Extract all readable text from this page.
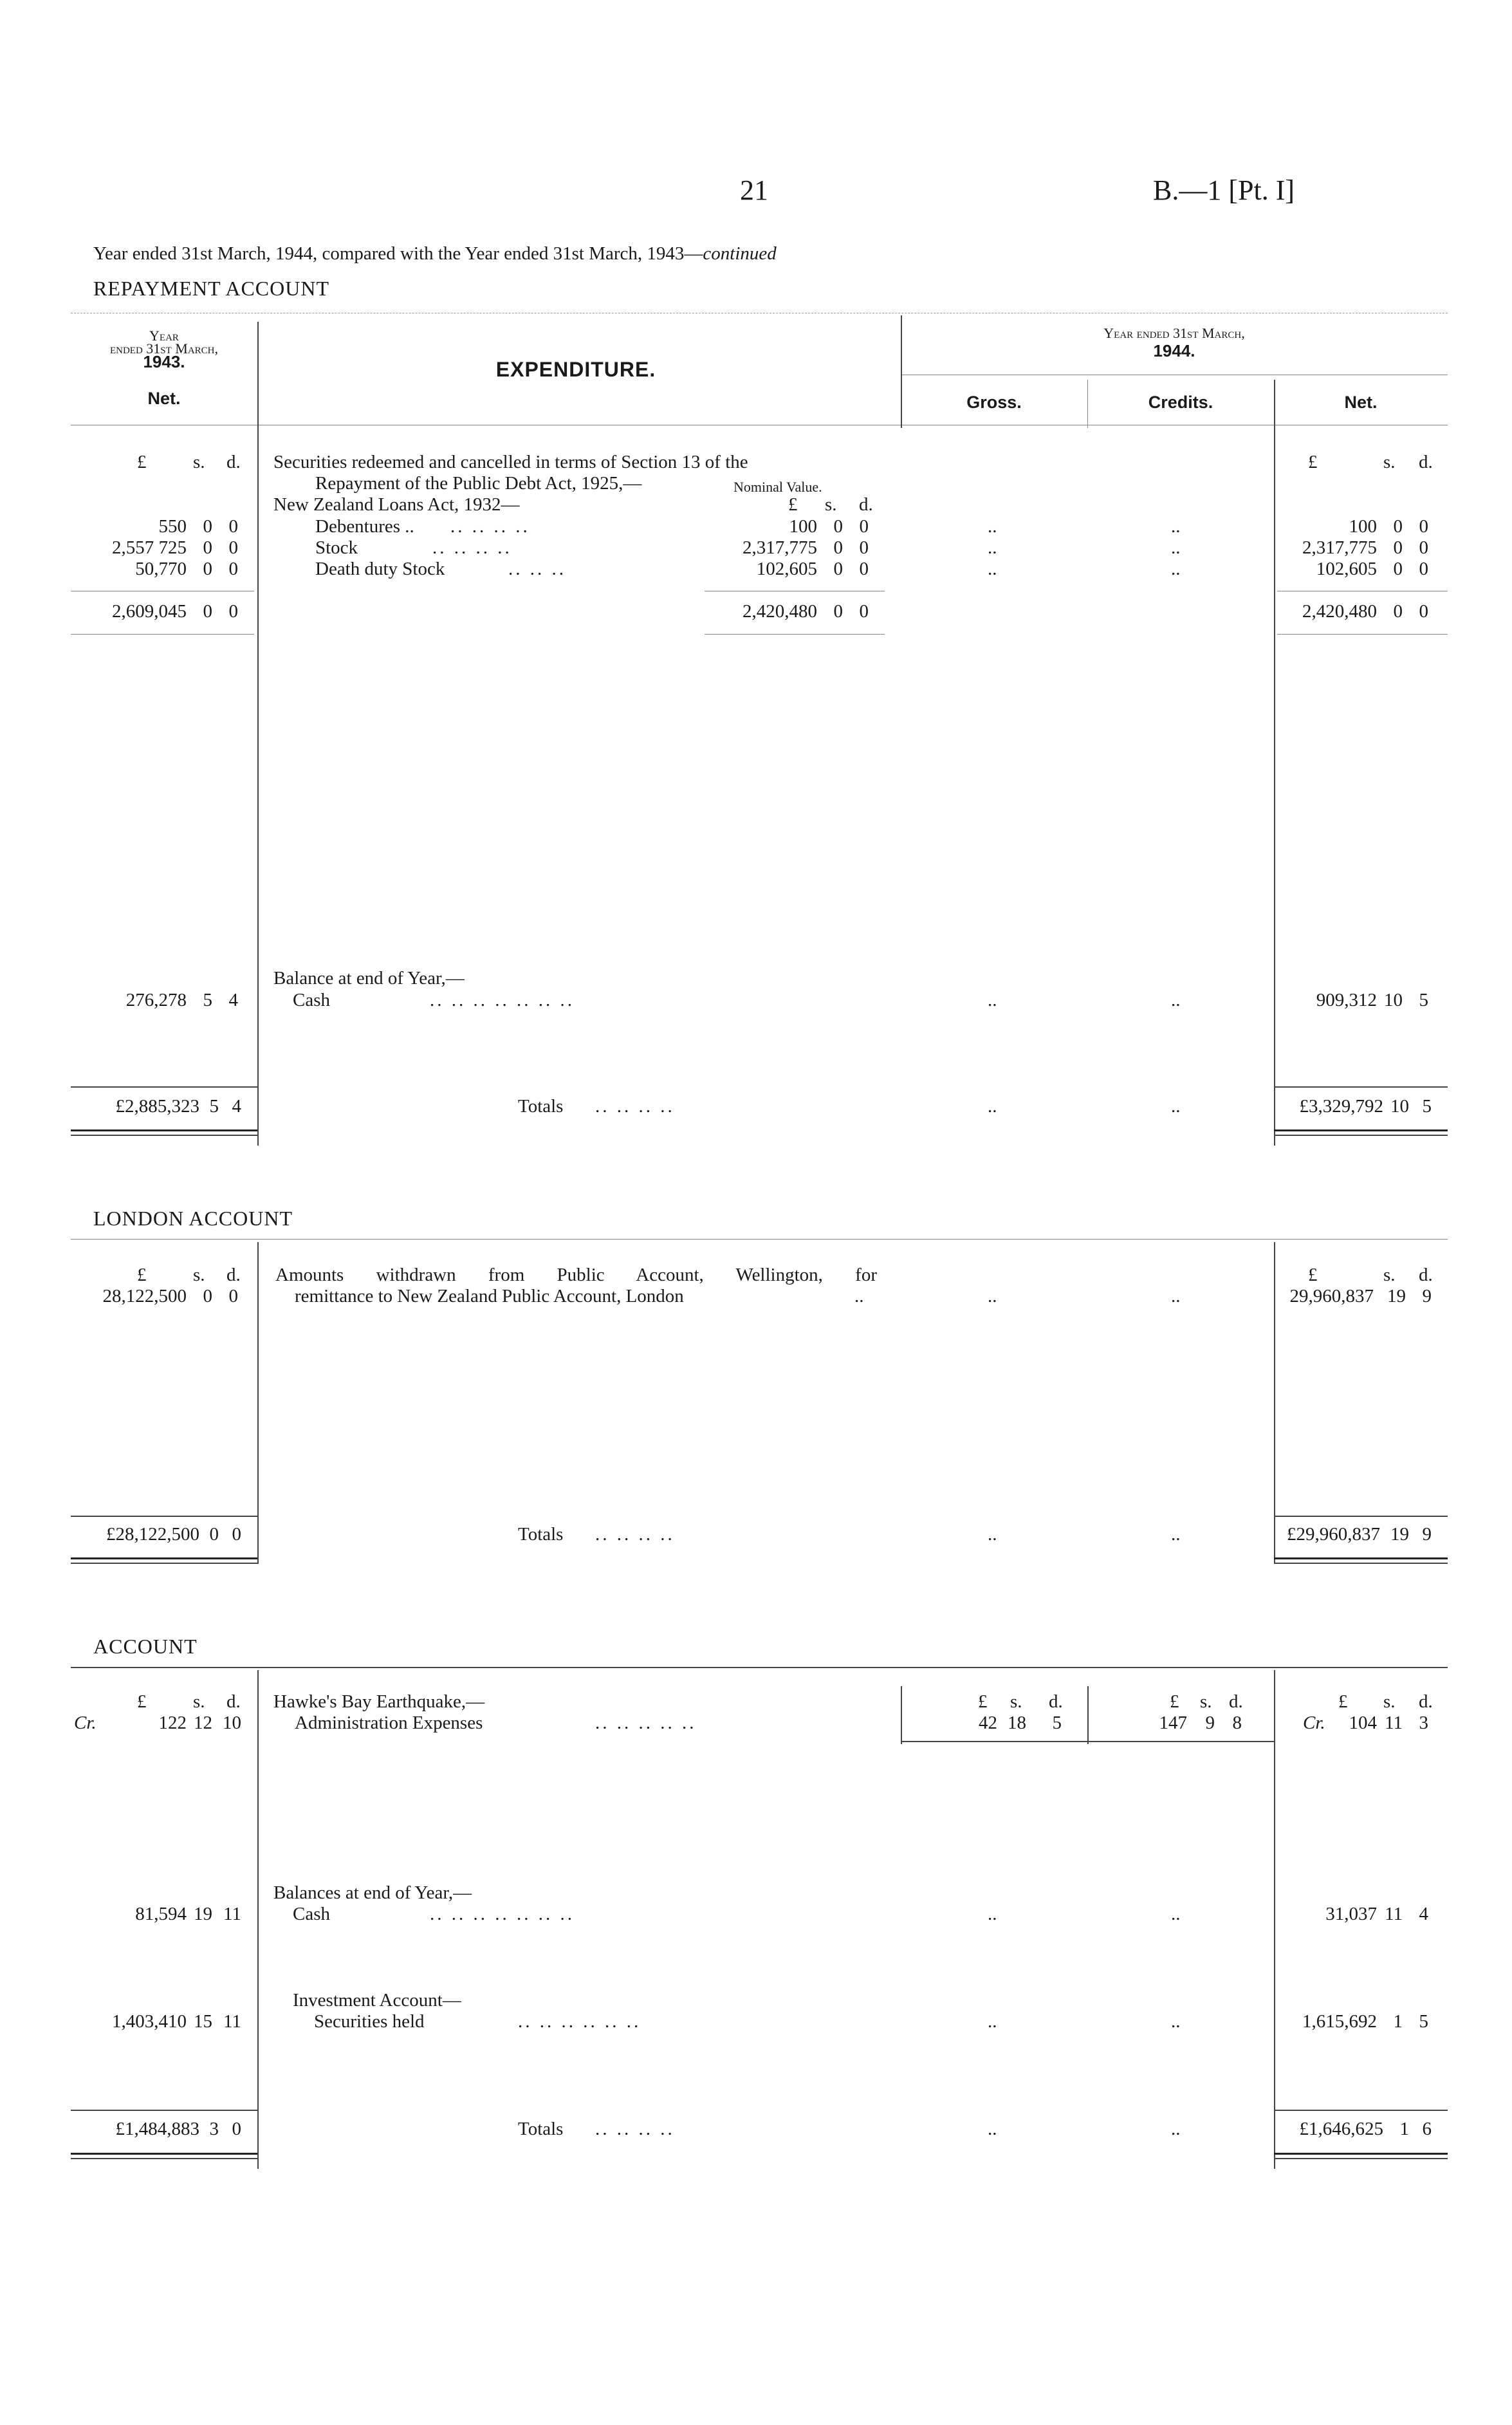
21	B.—1 [Pt. I]
Year ended 31st March, 1944, compared with the Year ended 31st March, 1943—continued
REPAYMENT ACCOUNT
Year
ended 31st March,
1943.
Net.
EXPENDITURE.
Year ended 31st March,
1944.
Gross.	Credits.	Net.
£	s. d.	£	s. d.
Securities redeemed and cancelled in terms of Section 13 of the
Repayment of the Public Debt Act, 1925,—	Nominal Value.
New Zealand Loans Act, 1932—	£ s. d.
550 0 0	Debentures .. .. .. .. ..	100 0 0	..	..	100 0 0
2,557 725 0 0	Stock	.. .. .. ..	2,317,775 0 0	..	..	2,317,775 0 0
50,770 0 0	Death duty Stock	.. .. ..	102,605 0 0	..	..	102,605 0 0
2,609,045 0 0	2,420,480 0 0	2,420,480 0 0
Balance at end of Year,—
276,278 5 4	Cash	.. .. .. .. .. .. ..	..	..	909,312 10 5
£2,885,323 5 4	Totals .. .. .. ..	..	..	£3,329,792 10 5
LONDON ACCOUNT
£	s. d.	£	s. d.
Amounts withdrawn from Public Account, Wellington, for
remittance to New Zealand Public Account, London	..
28,122,500 0 0	..	..	29,960,837 19 9
£28,122,500 0 0	Totals .. .. .. ..	..	..	£29,960,837 19 9
ACCOUNT
£	s. d.	£ s. d.	£ s. d.	£ s. d.
Hawke's Bay Earthquake,—
Administration Expenses	.. .. .. .. ..
Cr.	122 12 10	42 18	5	147 9 8	Cr.	104 11 3
Balances at end of Year,—
81,594 19 11	Cash	.. .. .. .. .. .. ..	..	..	31,037 11 4
Investment Account—
1,403,410 15 11	Securities held	.. .. .. .. .. ..	..	..	1,615,692 1 5
£1,484,883 3 0	Totals .. .. .. ..	..	..	£1,646,625 1 6
